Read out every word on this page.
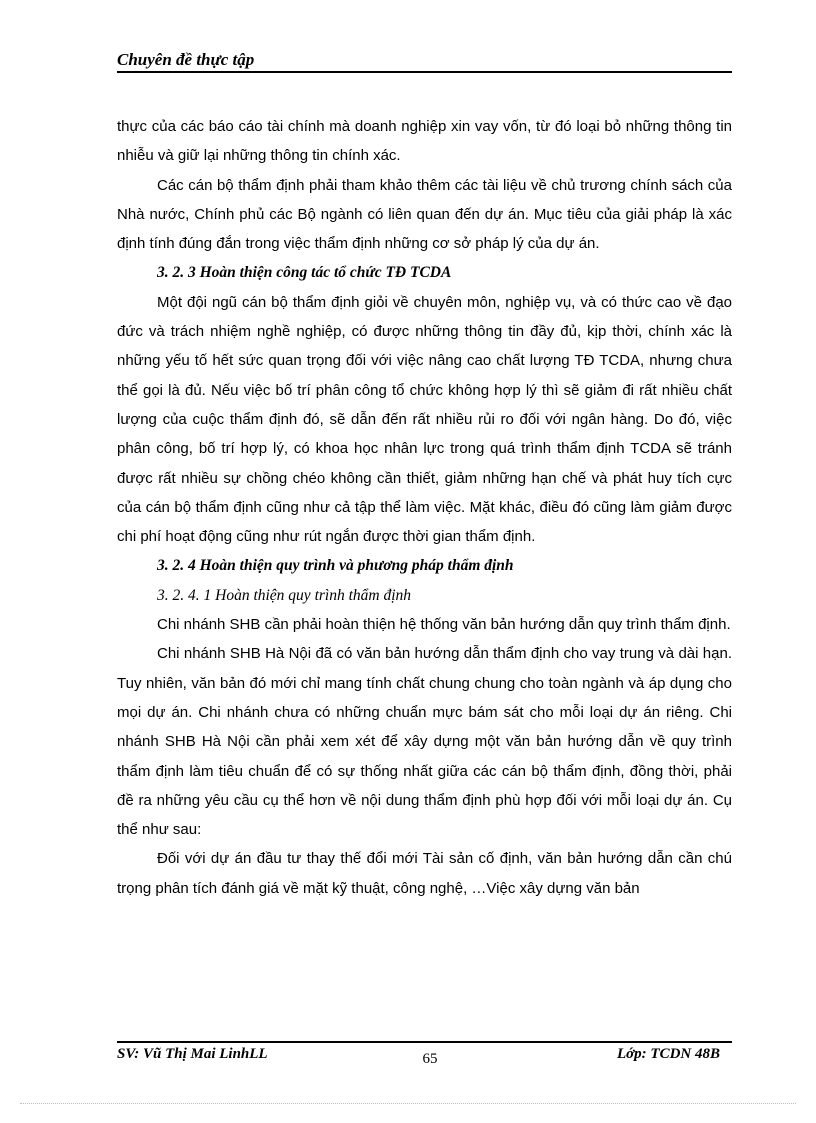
Chuyên đề thực tập

thực của các báo cáo tài chính mà doanh nghiệp xin vay vốn, từ đó loại bỏ những thông tin nhiễu và giữ lại những thông tin chính xác.

Các cán bộ thẩm định phải tham khảo thêm các tài liệu về chủ trương chính sách của Nhà nước, Chính phủ các Bộ ngành có liên quan đến dự án. Mục tiêu của giải pháp là xác định tính đúng đắn trong việc thẩm định những cơ sở pháp lý của dự án.

3. 2. 3 Hoàn thiện công tác tổ chức TĐ TCDA

Một đội ngũ cán bộ thẩm định giỏi về chuyên môn, nghiệp vụ, và có thức cao về đạo đức và trách nhiệm nghề nghiệp, có được những thông tin đầy đủ, kịp thời, chính xác là những yếu tố hết sức quan trọng đối với việc nâng cao chất lượng TĐ TCDA, nhưng chưa thể gọi là đủ. Nếu việc bố trí phân công tổ chức không hợp lý thì sẽ giảm đi rất nhiều chất lượng của cuộc thẩm định đó, sẽ dẫn đến rất nhiều rủi ro đối với ngân hàng. Do đó, việc phân công, bố trí hợp lý, có khoa học nhân lực trong quá trình thẩm định TCDA sẽ tránh được rất nhiều sự chồng chéo không cần thiết, giảm những hạn chế và phát huy tích cực của cán bộ thẩm định cũng như cả tập thể làm việc. Mặt khác, điều đó cũng làm giảm được chi phí hoạt động cũng như rút ngắn được thời gian thẩm định.

3. 2. 4 Hoàn thiện quy trình và phương pháp thẩm định

3. 2. 4. 1 Hoàn thiện quy trình thẩm định

Chi nhánh SHB cần phải hoàn thiện hệ thống văn bản hướng dẫn quy trình thẩm định.

Chi nhánh SHB Hà Nội đã có văn bản hướng dẫn thẩm định cho vay trung và dài hạn. Tuy nhiên, văn bản đó mới chỉ mang tính chất chung chung cho toàn ngành và áp dụng cho mọi dự án. Chi nhánh chưa có những chuẩn mực bám sát cho mỗi loại dự án riêng. Chi nhánh SHB Hà Nội cần phải xem xét để xây dựng một văn bản hướng dẫn về quy trình thẩm định làm tiêu chuẩn để có sự thống nhất giữa các cán bộ thẩm định, đồng thời, phải đề ra những yêu cầu cụ thể hơn về nội dung thẩm định phù hợp đối với mỗi loại dự án. Cụ thể như sau:

Đối với dự án đầu tư thay thế đổi mới Tài sản cố định, văn bản hướng dẫn cần chú trọng phân tích đánh giá về mặt kỹ thuật, công nghệ, …Việc xây dựng văn bản

SV: Vũ Thị Mai LinhLL	65	Lớp: TCDN 48B
